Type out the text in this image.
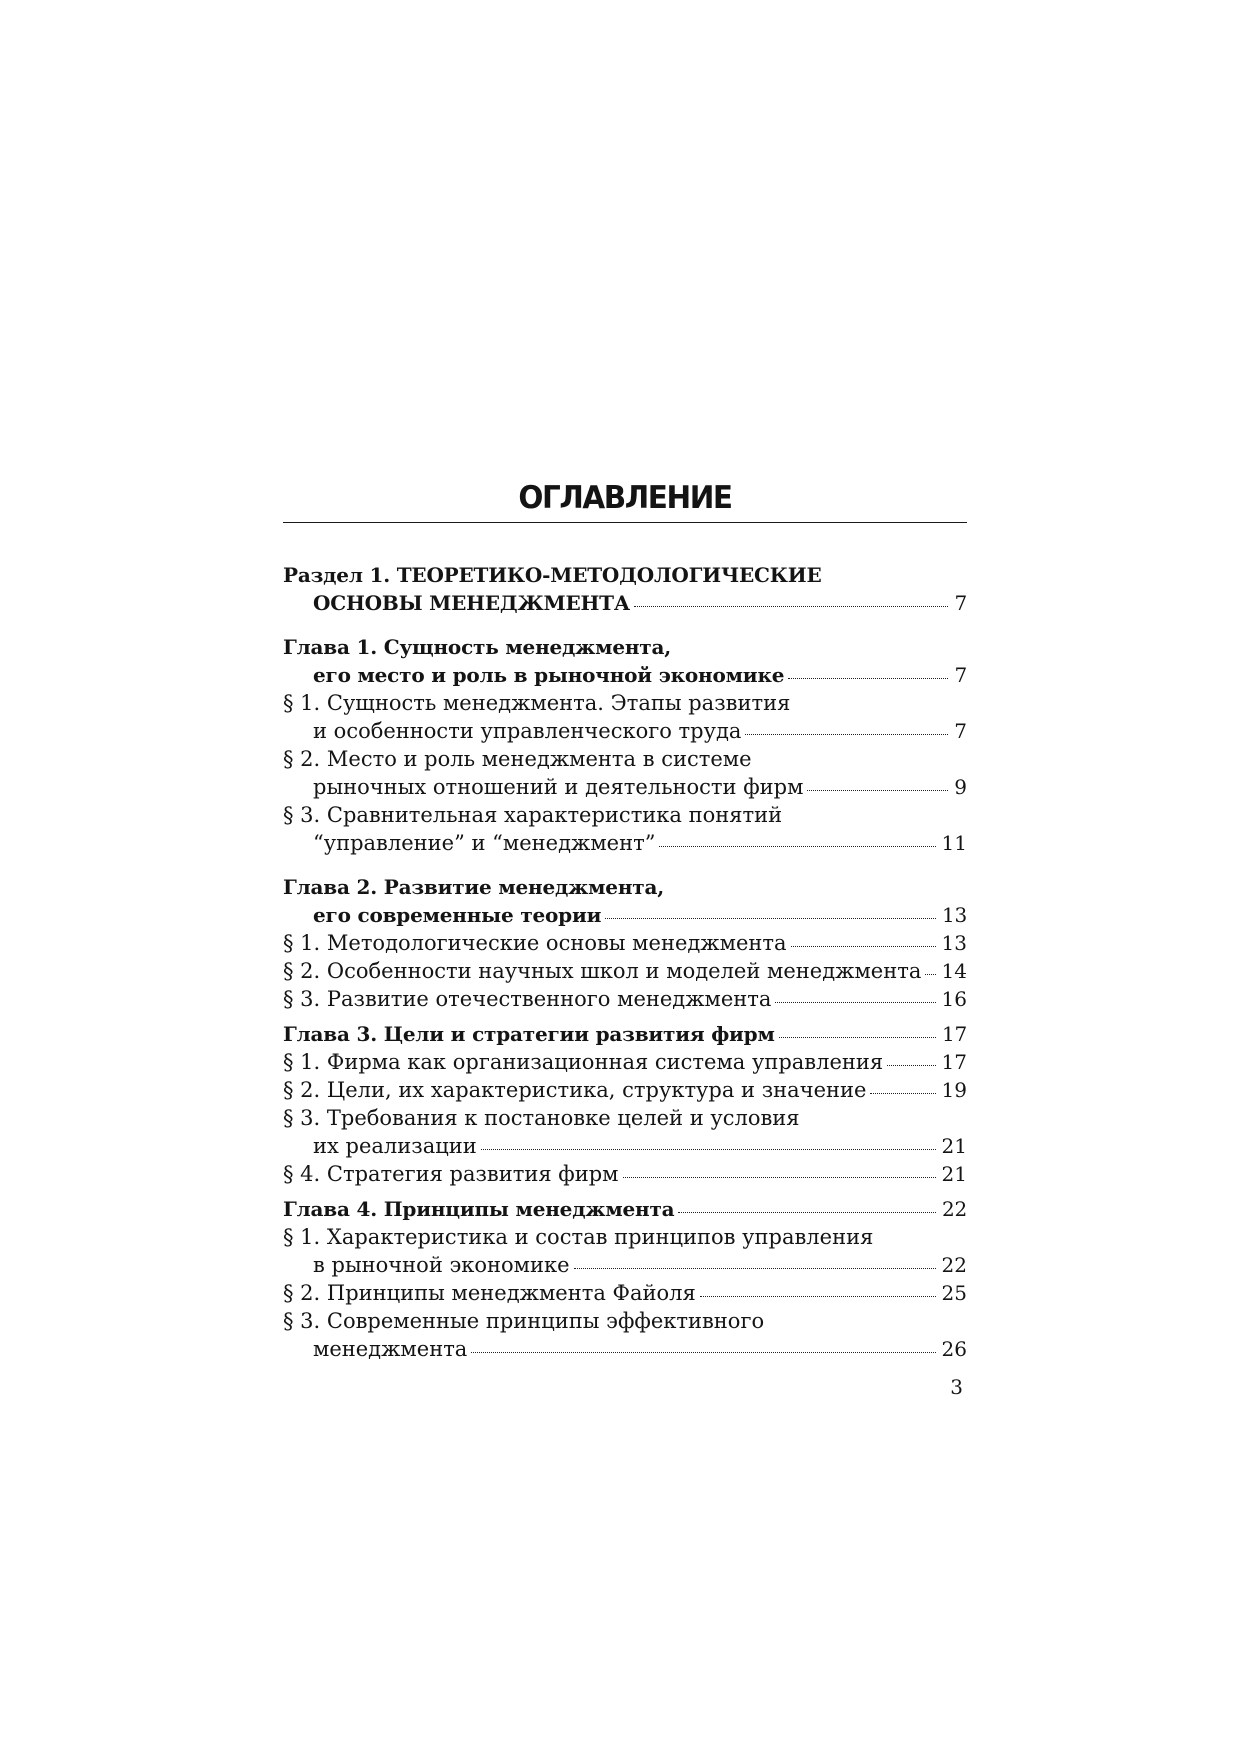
ОГЛАВЛЕНИЕ
Раздел 1. ТЕОРЕТИКО-МЕТОДОЛОГИЧЕСКИЕ
ОСНОВЫ МЕНЕДЖМЕНТА	7
Глава 1. Сущность менеджмента,
его место и роль в рыночной экономике	7
§ 1. Сущность менеджмента. Этапы развития
и особенности управленческого труда	7
§ 2. Место и роль менеджмента в системе
рыночных отношений и деятельности фирм	9
§ 3. Сравнительная характеристика понятий
“управление” и “менеджмент”	11
Глава 2. Развитие менеджмента,
его современные теории	13
§ 1. Методологические основы менеджмента	13
§ 2. Особенности научных школ и моделей менеджмента 14
§ 3. Развитие отечественного менеджмента	16
Глава 3. Цели и стратегии развития фирм	17
§ 1. Фирма как организационная система управления	17
§ 2. Цели, их характеристика, структура и значение	19
§ 3. Требования к постановке целей и условия
их реализации	21
§ 4. Стратегия развития фирм	21
Глава 4. Принципы менеджмента	22
§ 1. Характеристика и состав принципов управления
в рыночной экономике	22
§ 2. Принципы менеджмента Файоля	25
§ 3. Современные принципы эффективного
менеджмента	26
3
